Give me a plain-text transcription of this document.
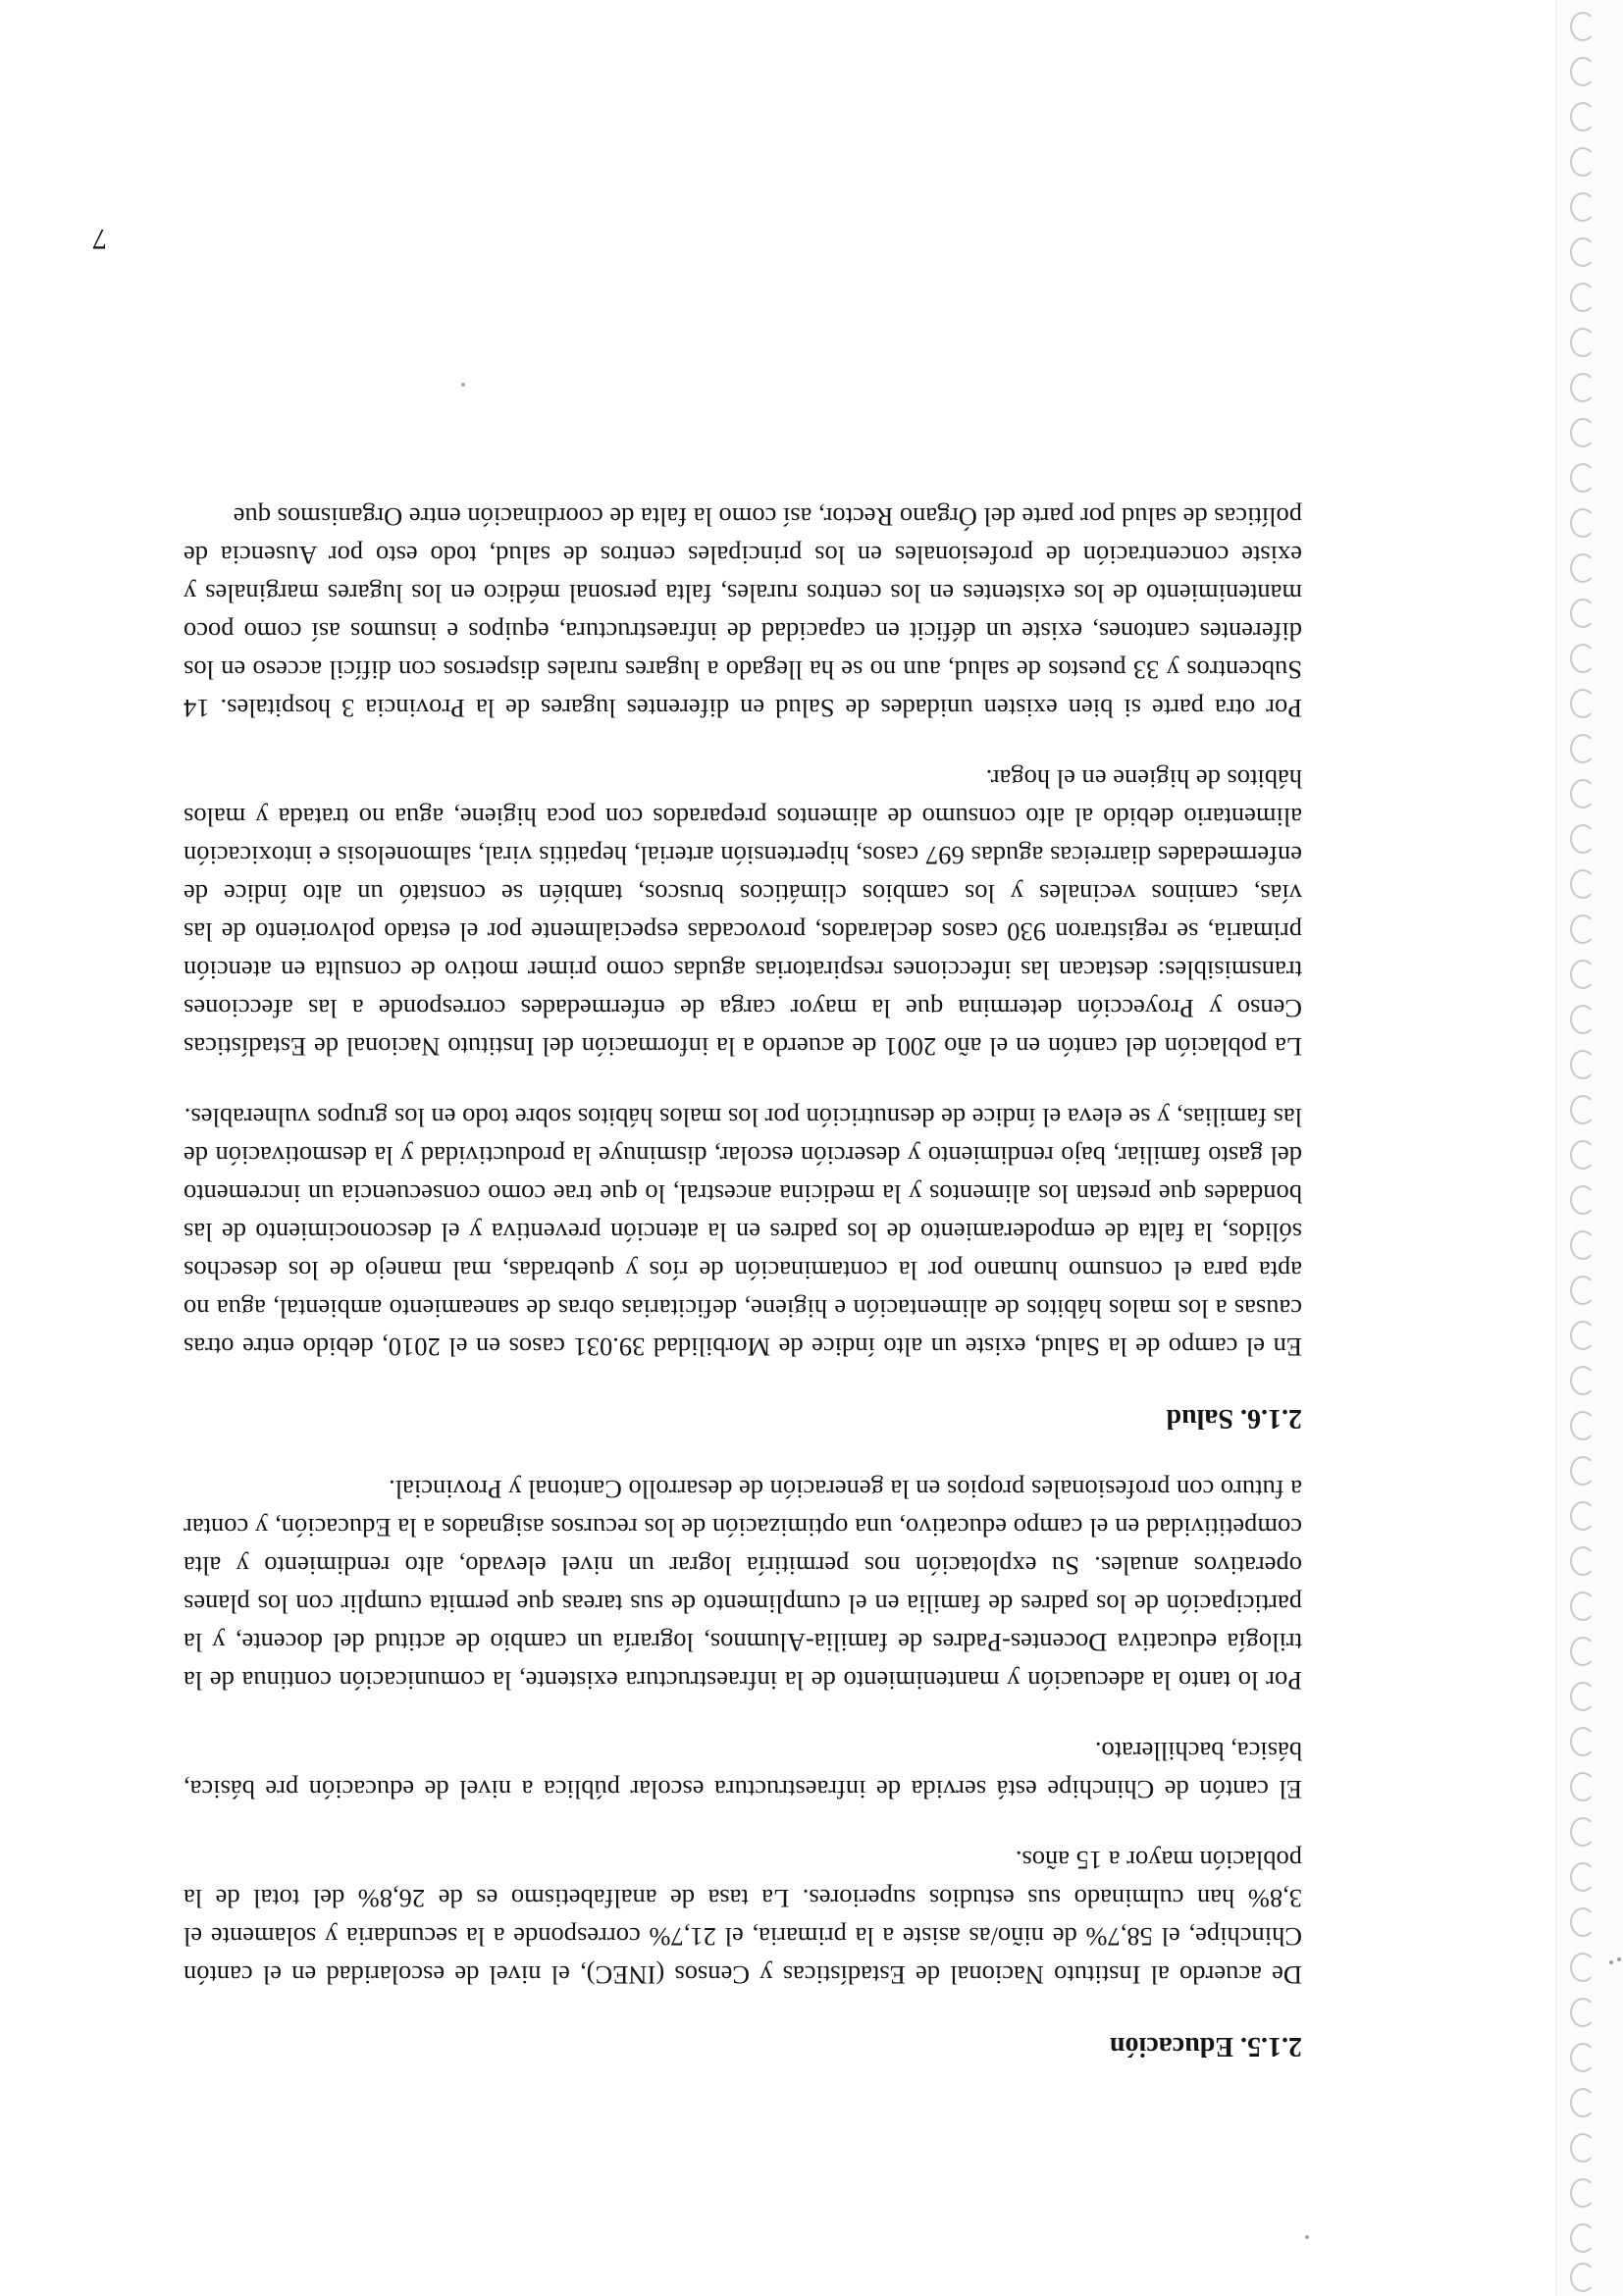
7
2.1.5. Educación

De acuerdo al Instituto Nacional de Estadísticas y Censos (INEC), el nivel de escolaridad en el cantón Chinchipe, el 58,7% de niño/as asiste a la primaria, el 21,7% corresponde a la secundaria y solamente el 3,8% han culminado sus estudios superiores. La tasa de analfabetismo es de 26,8% del total de la población mayor a 15 años.

El cantón de Chinchipe está servida de infraestructura escolar pública a nivel de educación pre básica, básica, bachillerato.

Por lo tanto la adecuación y mantenimiento de la infraestructura existente, la comunicación continua de la trilogía educativa Docentes-Padres de familia-Alumnos, lograría un cambio de actitud del docente, y la participación de los padres de familia en el cumplimento de sus tareas que permita cumplir con los planes operativos anuales. Su explotación nos permitiría lograr un nivel elevado, alto rendimiento y alta competitividad en el campo educativo, una optimización de los recursos asignados a la Educación, y contar a futuro con profesionales propios en la generación de desarrollo Cantonal y Provincial.

2.1.6. Salud

En el campo de la Salud, existe un alto índice de Morbilidad 39.031 casos en el 2010, debido entre otras causas a los malos hábitos de alimentación e higiene, deficitarias obras de saneamiento ambiental, agua no apta para el consumo humano por la contaminación de ríos y quebradas, mal manejo de los desechos sólidos, la falta de empoderamiento de los padres en la atención preventiva y el desconocimiento de las bondades que prestan los alimentos y la medicina ancestral, lo que trae como consecuencia un incremento del gasto familiar, bajo rendimiento y deserción escolar, disminuye la productividad y la desmotivación de las familias, y se eleva el índice de desnutrición por los malos hábitos sobre todo en los grupos vulnerables.

La población del cantón en el año 2001 de acuerdo a la información del Instituto Nacional de Estadísticas Censo y Proyección determina que la mayor carga de enfermedades corresponde a las afecciones transmisibles: destacan las infecciones respiratorias agudas como primer motivo de consulta en atención primaria, se registraron 930 casos declarados, provocadas especialmente por el estado polvoriento de las vías, caminos vecinales y los cambios climáticos bruscos, también se constató un alto índice de enfermedades diarreicas agudas 697 casos, hipertensión arterial, hepatitis viral, salmonelosis e intoxicación alimentario debido al alto consumo de alimentos preparados con poca higiene, agua no tratada y malos hábitos de higiene en el hogar.

Por otra parte si bien existen unidades de Salud en diferentes lugares de la Provincia 3 hospitales. 14 Subcentros y 33 puestos de salud, aun no se ha llegado a lugares rurales dispersos con difícil acceso en los diferentes cantones, existe un déficit en capacidad de infraestructura, equipos e insumos así como poco mantenimiento de los existentes en los centros rurales, falta personal médico en los lugares marginales y existe concentración de profesionales en los principales centros de salud, todo esto por Ausencia de políticas de salud por parte del Órgano Rector, así como la falta de coordinación entre Organismos que
